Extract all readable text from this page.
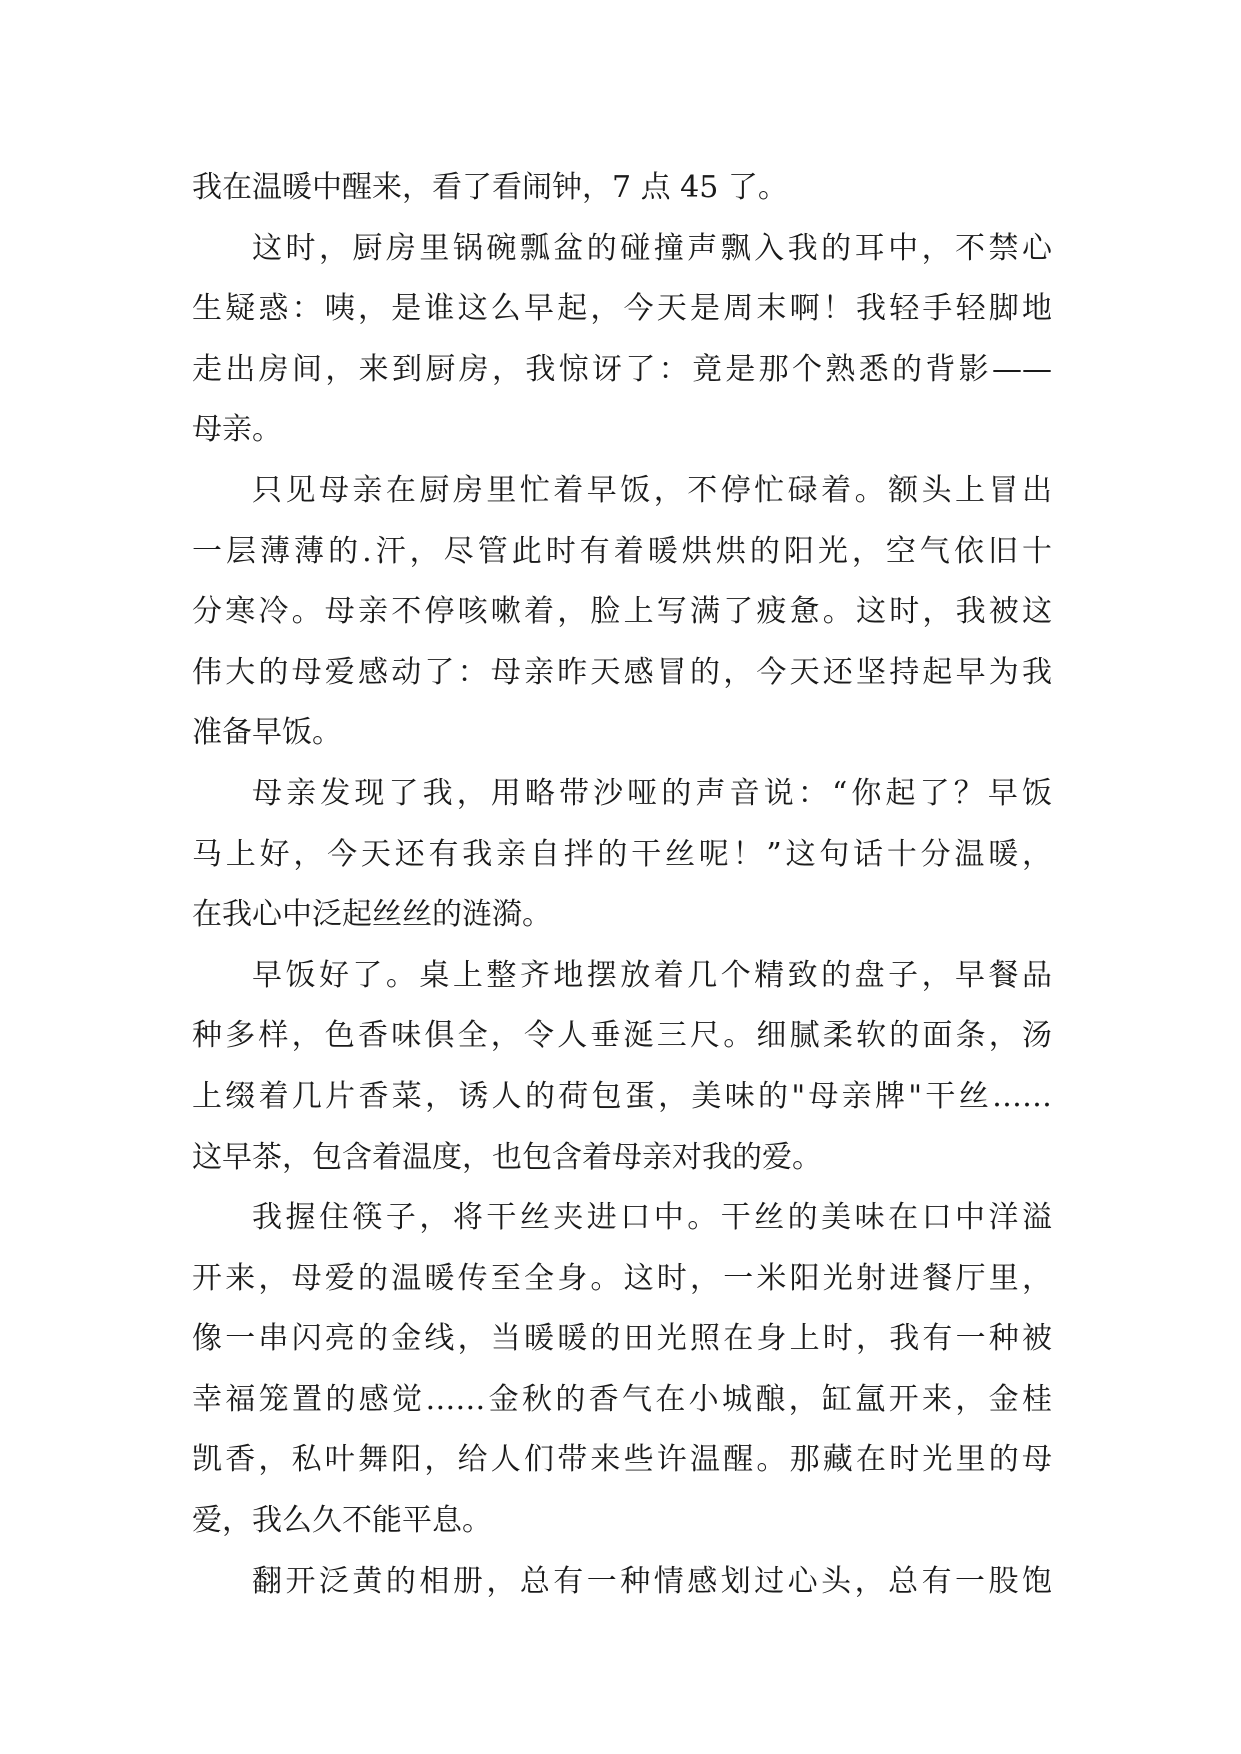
我在温暖中醒来，看了看闹钟，7 点 45 了。
这时，厨房里锅碗瓢盆的碰撞声飘入我的耳中，不禁心
生疑惑：咦，是谁这么早起，今天是周末啊！我轻手轻脚地
走出房间，来到厨房，我惊讶了：竟是那个熟悉的背影——
母亲。
只见母亲在厨房里忙着早饭，不停忙碌着。额头上冒出
一层薄薄的.汗，尽管此时有着暖烘烘的阳光，空气依旧十
分寒冷。母亲不停咳嗽着，脸上写满了疲惫。这时，我被这
伟大的母爱感动了：母亲昨天感冒的，今天还坚持起早为我
准备早饭。
母亲发现了我，用略带沙哑的声音说：“你起了？早饭
马上好，今天还有我亲自拌的干丝呢！”这句话十分温暖，
在我心中泛起丝丝的涟漪。
早饭好了。桌上整齐地摆放着几个精致的盘子，早餐品
种多样，色香味俱全，令人垂涎三尺。细腻柔软的面条，汤
上缀着几片香菜，诱人的荷包蛋，美味的"母亲牌"干丝……
这早茶，包含着温度，也包含着母亲对我的爱。
我握住筷子，将干丝夹进口中。干丝的美味在口中洋溢
开来，母爱的温暖传至全身。这时，一米阳光射进餐厅里，
像一串闪亮的金线，当暖暖的田光照在身上时，我有一种被
幸福笼置的感觉……金秋的香气在小城酿，缸氲开来，金桂
凯香，私叶舞阳，给人们带来些许温醒。那藏在时光里的母
爱，我么久不能平息。
翻开泛黄的相册，总有一种情感划过心头，总有一股饱
